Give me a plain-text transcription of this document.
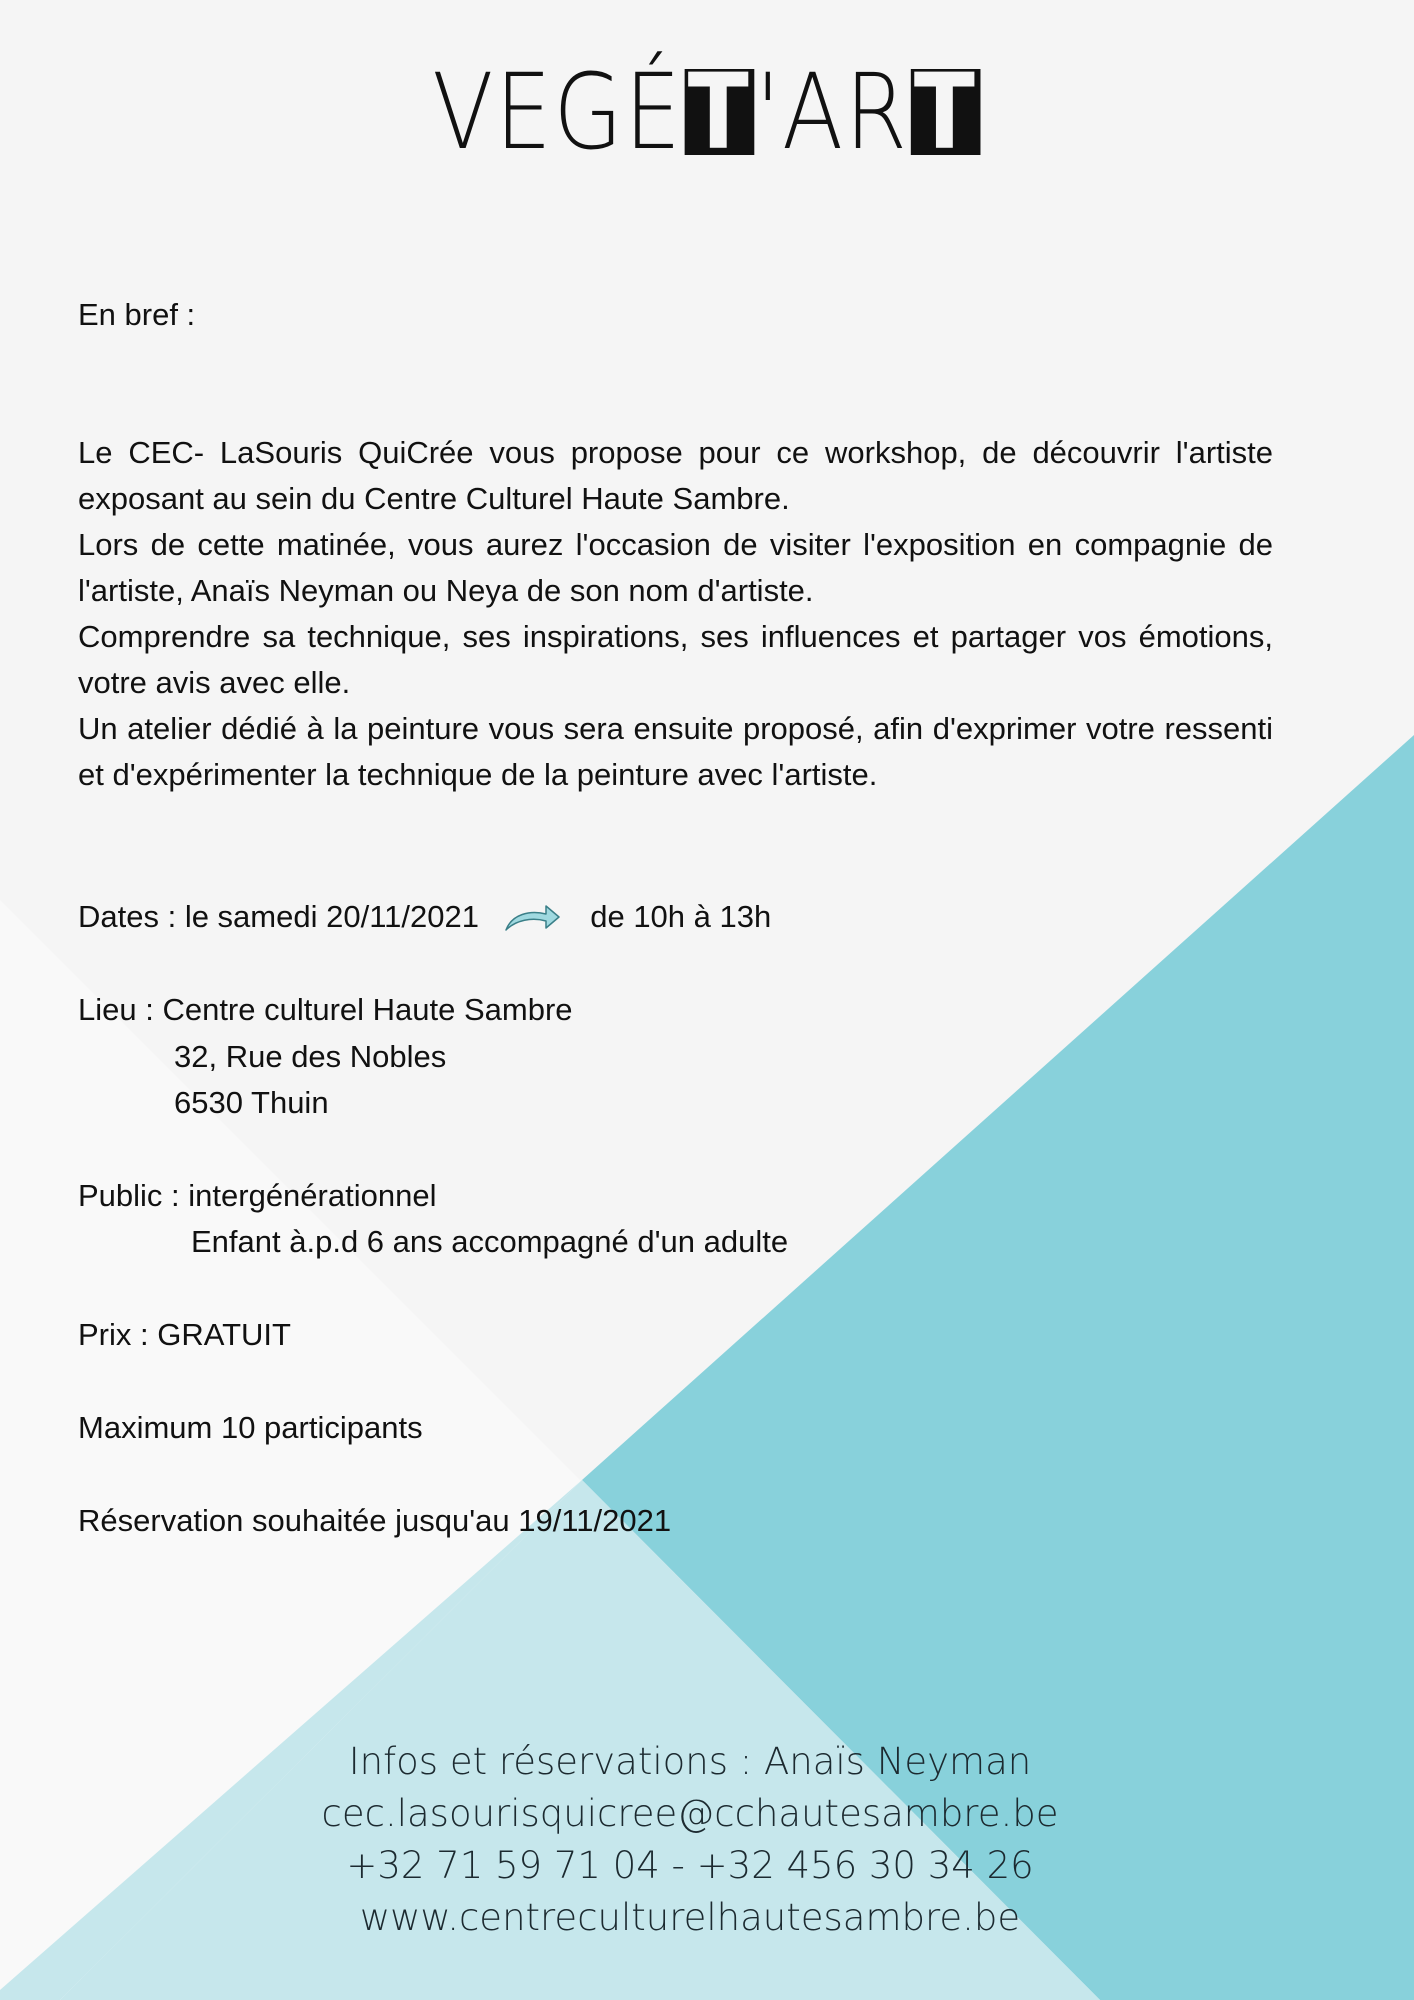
VEGÉT'ART

En bref :

Le CEC- LaSouris QuiCrée vous propose pour ce workshop, de découvrir l'artiste exposant au sein du Centre Culturel Haute Sambre.

Lors de cette matinée, vous aurez l'occasion de visiter l'exposition en compagnie de l'artiste, Anaïs Neyman ou Neya de son nom d'artiste.

Comprendre sa technique, ses inspirations, ses influences et partager vos émotions, votre avis avec elle.

Un atelier dédié à la peinture vous sera ensuite proposé, afin d'exprimer votre ressenti et d'expérimenter la technique de la peinture avec l'artiste.

Dates : le samedi 20/11/2021	de 10h à 13h

Lieu : Centre culturel Haute Sambre

32, Rue des Nobles

6530 Thuin

Public : intergénérationnel

Enfant à.p.d 6 ans accompagné d'un adulte

Prix : GRATUIT

Maximum 10 participants

Réservation souhaitée jusqu'au 19/11/2021

Infos et réservations : Anaïs Neyman
cec.lasourisquicree@cchautesambre.be
+32 71 59 71 04 - +32 456 30 34 26
www.centreculturelhautesambre.be
